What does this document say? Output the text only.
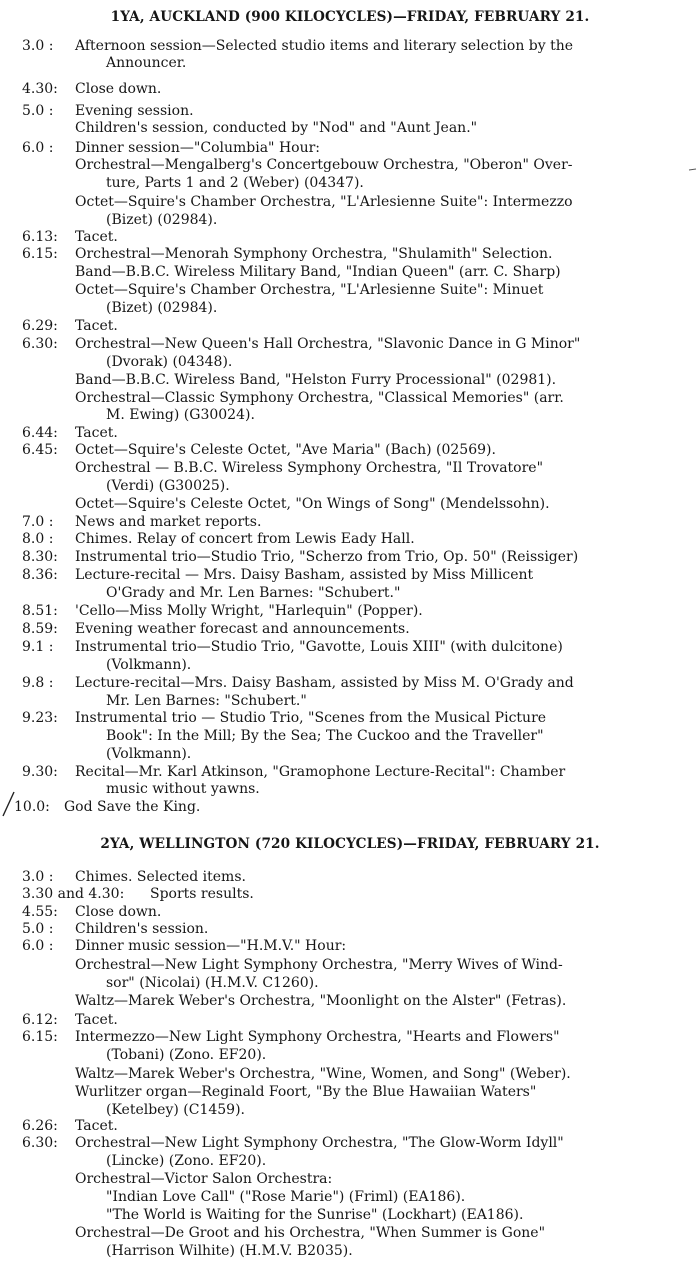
1YA, AUCKLAND (900 KILOCYCLES)—FRIDAY, FEBRUARY 21.
3.0 : Afternoon session—Selected studio items and literary selection by the
Announcer.
4.30: Close down.
5.0 : Evening session.
Children's session, conducted by "Nod" and "Aunt Jean."
6.0 : Dinner session—"Columbia" Hour:
Orchestral—Mengalberg's Concertgebouw Orchestra, "Oberon" Over-
ture, Parts 1 and 2 (Weber) (04347).
Octet—Squire's Chamber Orchestra, "L'Arlesienne Suite": Intermezzo
(Bizet) (02984).
6.13: Tacet.
6.15: Orchestral—Menorah Symphony Orchestra, "Shulamith" Selection.
Band—B.B.C. Wireless Military Band, "Indian Queen" (arr. C. Sharp)
Octet—Squire's Chamber Orchestra, "L'Arlesienne Suite": Minuet
(Bizet) (02984).
6.29: Tacet.
6.30: Orchestral—New Queen's Hall Orchestra, "Slavonic Dance in G Minor"
(Dvorak) (04348).
Band—B.B.C. Wireless Band, "Helston Furry Processional" (02981).
Orchestral—Classic Symphony Orchestra, "Classical Memories" (arr.
M. Ewing) (G30024).
6.44: Tacet.
6.45: Octet—Squire's Celeste Octet, "Ave Maria" (Bach) (02569).
Orchestral — B.B.C. Wireless Symphony Orchestra, "Il Trovatore"
(Verdi) (G30025).
Octet—Squire's Celeste Octet, "On Wings of Song" (Mendelssohn).
7.0 : News and market reports.
8.0 : Chimes. Relay of concert from Lewis Eady Hall.
8.30: Instrumental trio—Studio Trio, "Scherzo from Trio, Op. 50" (Reissiger)
8.36: Lecture-recital — Mrs. Daisy Basham, assisted by Miss Millicent
O'Grady and Mr. Len Barnes: "Schubert."
8.51: 'Cello—Miss Molly Wright, "Harlequin" (Popper).
8.59: Evening weather forecast and announcements.
9.1 : Instrumental trio—Studio Trio, "Gavotte, Louis XIII" (with dulcitone)
(Volkmann).
9.8 : Lecture-recital—Mrs. Daisy Basham, assisted by Miss M. O'Grady and
Mr. Len Barnes: "Schubert."
9.23: Instrumental trio — Studio Trio, "Scenes from the Musical Picture
Book": In the Mill; By the Sea; The Cuckoo and the Traveller"
(Volkmann).
9.30: Recital—Mr. Karl Atkinson, "Gramophone Lecture-Recital": Chamber
music without yawns.
10.0: God Save the King.
2YA, WELLINGTON (720 KILOCYCLES)—FRIDAY, FEBRUARY 21.
3.0 : Chimes. Selected items.
3.30 and 4.30: Sports results.
4.55: Close down.
5.0 : Children's session.
6.0 : Dinner music session—"H.M.V." Hour:
Orchestral—New Light Symphony Orchestra, "Merry Wives of Wind-
sor" (Nicolai) (H.M.V. C1260).
Waltz—Marek Weber's Orchestra, "Moonlight on the Alster" (Fetras).
6.12: Tacet.
6.15: Intermezzo—New Light Symphony Orchestra, "Hearts and Flowers"
(Tobani) (Zono. EF20).
Waltz—Marek Weber's Orchestra, "Wine, Women, and Song" (Weber).
Wurlitzer organ—Reginald Foort, "By the Blue Hawaiian Waters"
(Ketelbey) (C1459).
6.26: Tacet.
6.30: Orchestral—New Light Symphony Orchestra, "The Glow-Worm Idyll"
(Lincke) (Zono. EF20).
Orchestral—Victor Salon Orchestra:
"Indian Love Call" ("Rose Marie") (Friml) (EA186).
"The World is Waiting for the Sunrise" (Lockhart) (EA186).
Orchestral—De Groot and his Orchestra, "When Summer is Gone"
(Harrison Wilhite) (H.M.V. B2035).
